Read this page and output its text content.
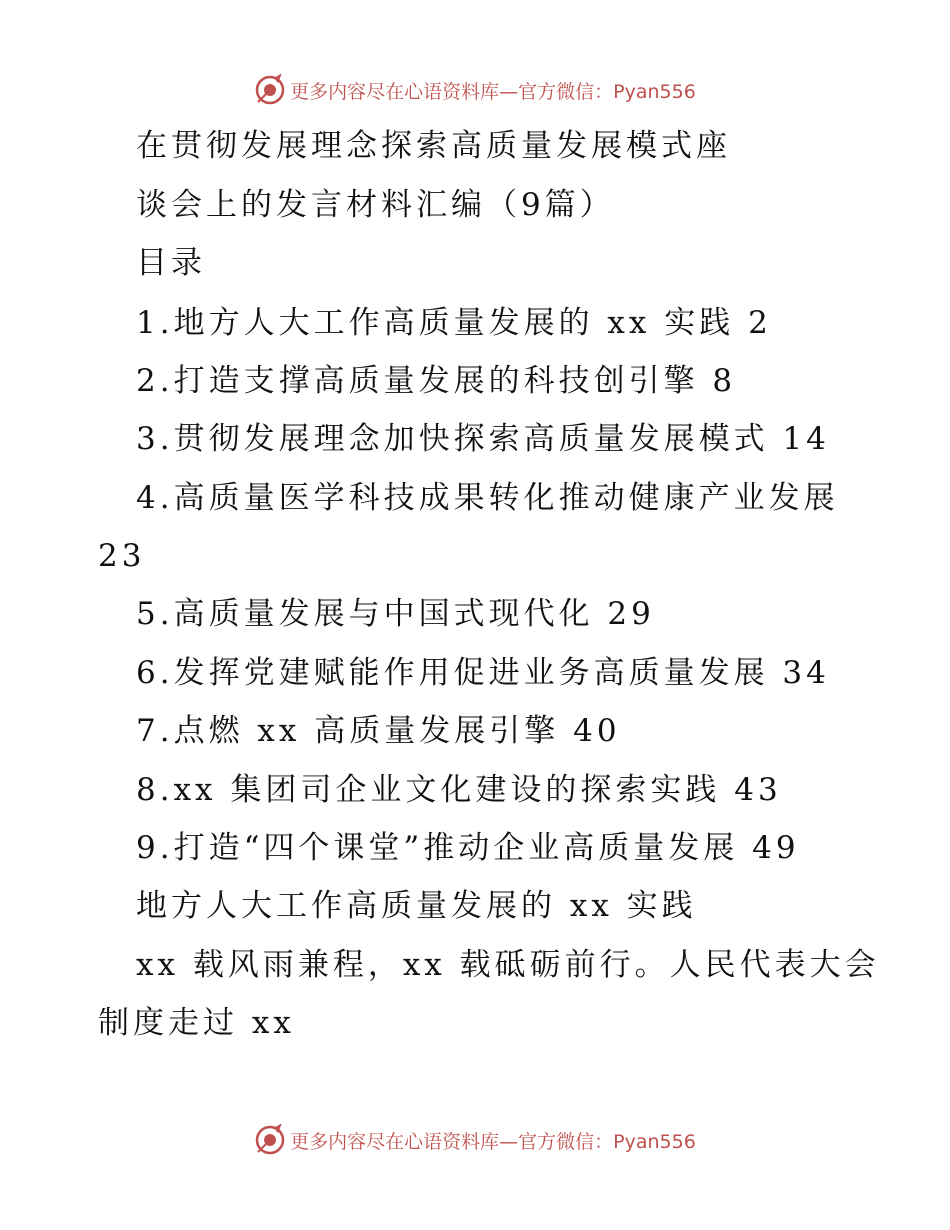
更多内容尽在心语资料库—官方微信：Pyan556
在贯彻发展理念探索高质量发展模式座
谈会上的发言材料汇编（9篇）
目录
1.地方人大工作高质量发展的 xx 实践 2
2.打造支撑高质量发展的科技创引擎 8
3.贯彻发展理念加快探索高质量发展模式 14
4.高质量医学科技成果转化推动健康产业发展
23
5.高质量发展与中国式现代化 29
6.发挥党建赋能作用促进业务高质量发展 34
7.点燃 xx 高质量发展引擎 40
8.xx 集团司企业文化建设的探索实践 43
9.打造“四个课堂”推动企业高质量发展 49
地方人大工作高质量发展的 xx 实践
xx 载风雨兼程，xx 载砥砺前行。人民代表大会
制度走过 xx
更多内容尽在心语资料库—官方微信：Pyan556
